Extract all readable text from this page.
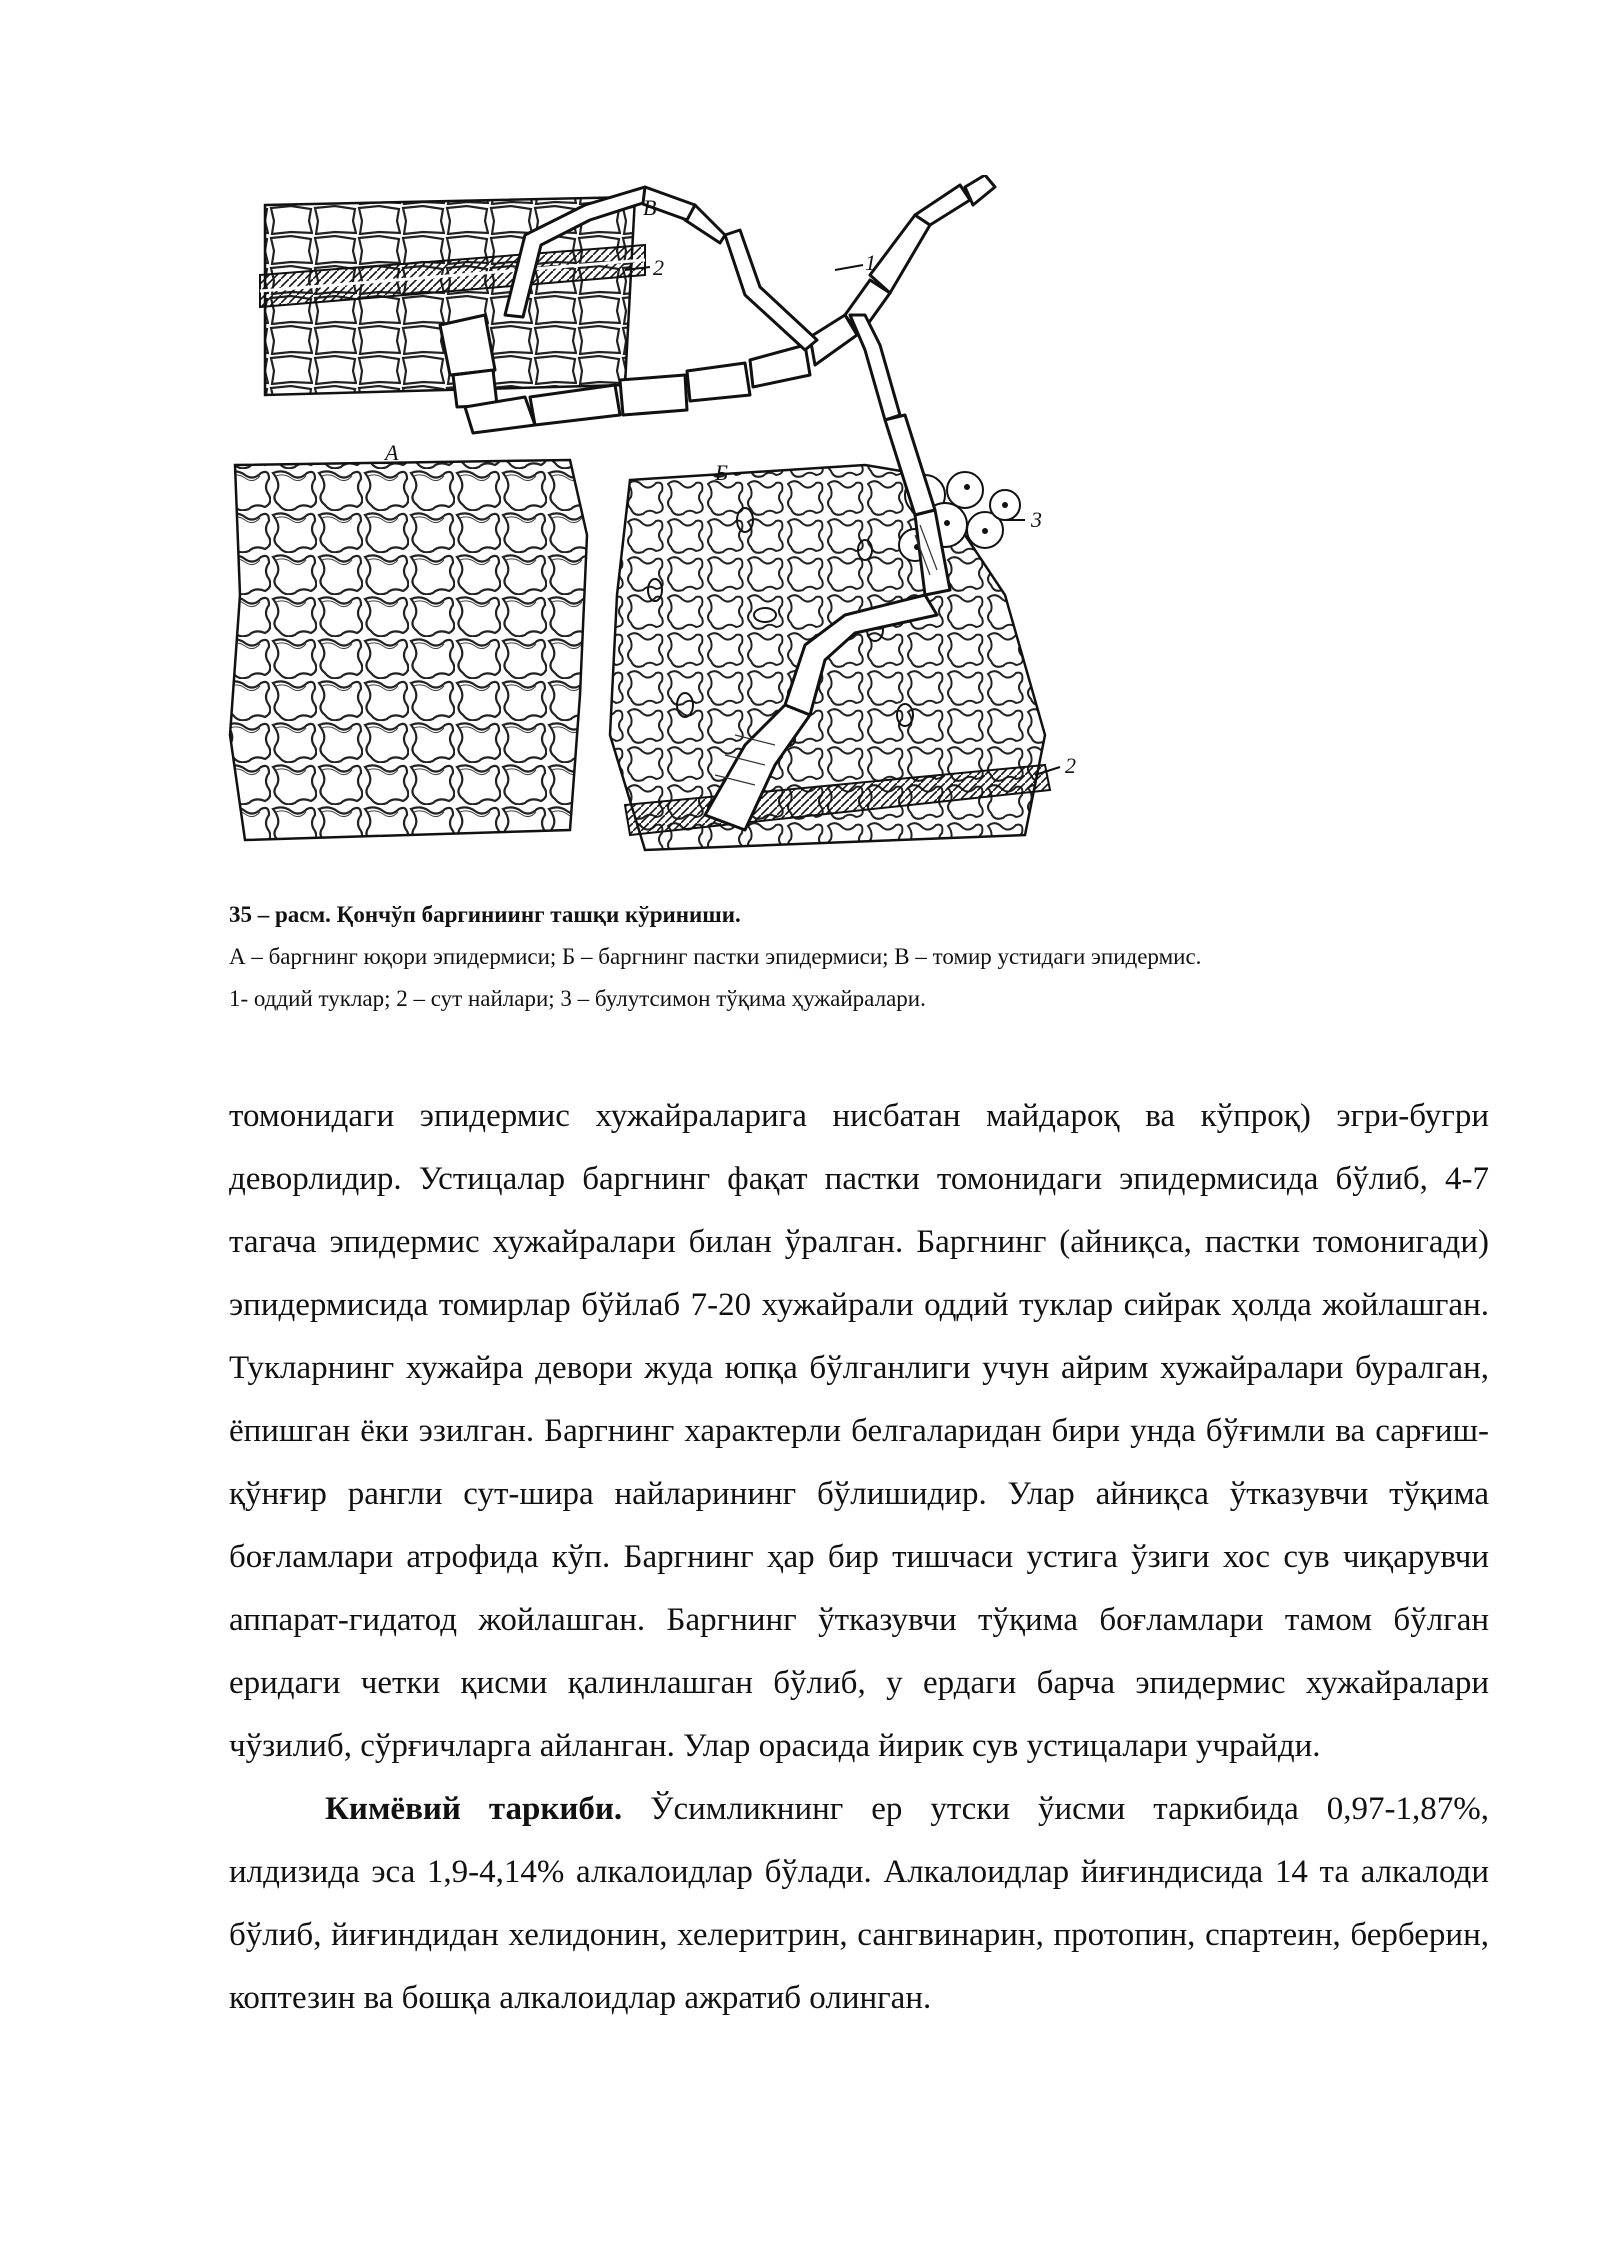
В
2	1
А
Б
3
2

35 – расм. Қончўп баргиниинг ташқи кўриниши.

А – баргнинг юқори эпидермиси; Б – баргнинг пастки эпидермиси; В – томир устидаги эпидермис.

1- оддий туклар; 2 – сут найлари; 3 – булутсимон тўқима ҳужайралари.

томонидаги эпидермис хужайраларига нисбатан майдароқ ва кўпроқ) эгри-бугри деворлидир. Устицалар баргнинг фақат пастки томонидаги эпидермисида бўлиб, 4-7 тагача эпидермис хужайралари билан ўралган. Баргнинг (айниқса, пастки томонигади) эпидермисида томирлар бўйлаб 7-20 хужайрали оддий туклар сийрак ҳолда жойлашган. Тукларнинг хужайра девори жуда юпқа бўлганлиги учун айрим хужайралари буралган, ёпишган ёки эзилган. Баргнинг характерли белгаларидан бири унда бўғимли ва сарғиш-қўнғир рангли сут-шира найларининг бўлишидир. Улар айниқса ўтказувчи тўқима боғламлари атрофида кўп. Баргнинг ҳар бир тишчаси устига ўзиги хос сув чиқарувчи аппарат-гидатод жойлашган. Баргнинг ўтказувчи тўқима боғламлари тамом бўлган еридаги четки қисми қалинлашган бўлиб, у ердаги барча эпидермис хужайралари чўзилиб, сўрғичларга айланган. Улар орасида йирик сув устицалари учрайди.

Кимёвий таркиби. Ўсимликнинг ер утски ўисми таркибида 0,97-1,87%, илдизида эса 1,9-4,14% алкалоидлар бўлади. Алкалоидлар йиғиндисида 14 та алкалоди бўлиб, йиғиндидан хелидонин, хелеритрин, сангвинарин, протопин, спартеин, берберин, коптезин ва бошқа алкалоидлар ажратиб олинган.
